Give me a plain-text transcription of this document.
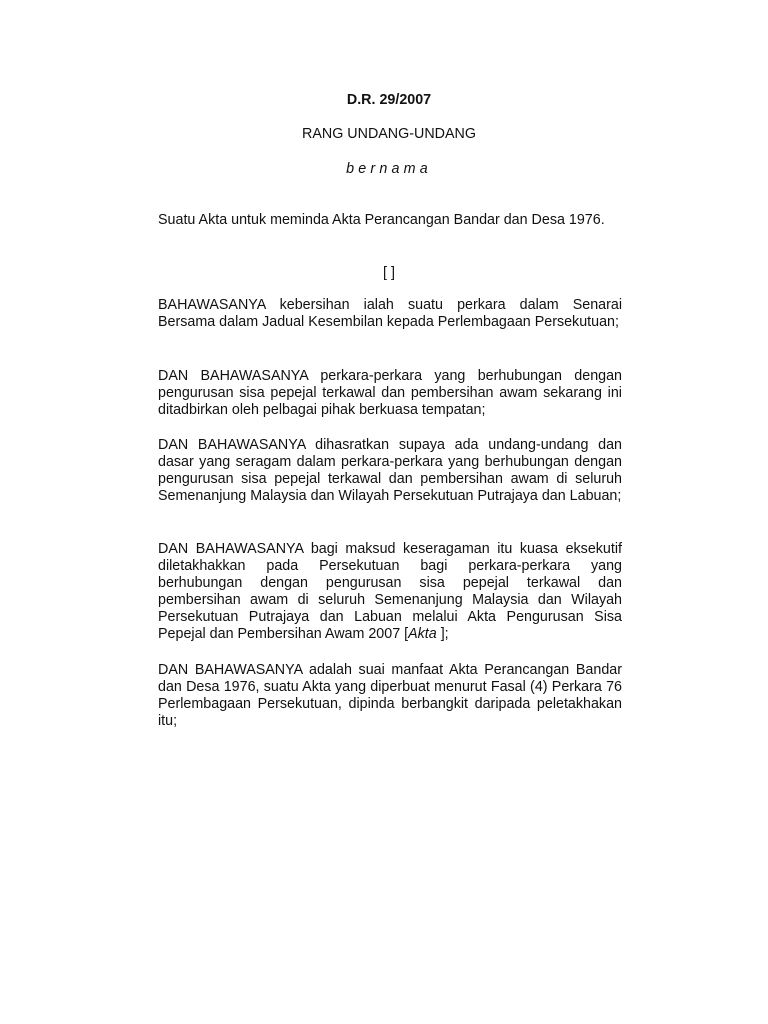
D.R. 29/2007
RANG UNDANG-UNDANG
bernama

Suatu Akta untuk meminda Akta Perancangan Bandar dan Desa 1976.

[ ]

BAHAWASANYA kebersihan ialah suatu perkara dalam Senarai Bersama dalam Jadual Kesembilan kepada Perlembagaan Persekutuan;

DAN BAHAWASANYA perkara-perkara yang berhubungan dengan pengurusan sisa pepejal terkawal dan pembersihan awam sekarang ini ditadbirkan oleh pelbagai pihak berkuasa tempatan;

DAN BAHAWASANYA dihasratkan supaya ada undang-undang dan dasar yang seragam dalam perkara-perkara yang berhubungan dengan pengurusan sisa pepejal terkawal dan pembersihan awam di seluruh Semenanjung Malaysia dan Wilayah Persekutuan Putrajaya dan Labuan;

DAN BAHAWASANYA bagi maksud keseragaman itu kuasa eksekutif diletakhakkan pada Persekutuan bagi perkara-perkara yang berhubungan dengan pengurusan sisa pepejal terkawal dan pembersihan awam di seluruh Semenanjung Malaysia dan Wilayah Persekutuan Putrajaya dan Labuan melalui Akta Pengurusan Sisa Pepejal dan Pembersihan Awam 2007 [Akta ];

DAN BAHAWASANYA adalah suai manfaat Akta Perancangan Bandar dan Desa 1976, suatu Akta yang diperbuat menurut Fasal (4) Perkara 76 Perlembagaan Persekutuan, dipinda berbangkit daripada peletakhakan itu;
